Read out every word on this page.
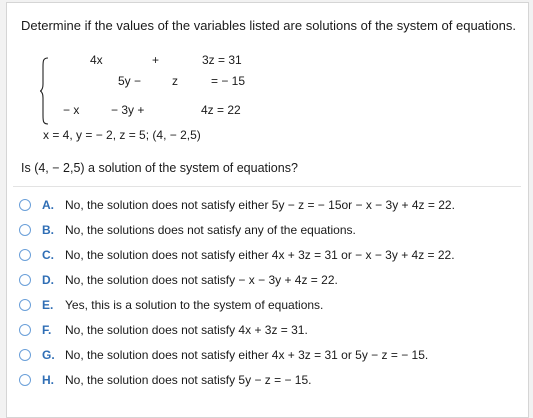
Determine if the values of the variables listed are solutions of the system of equations.
4x	+	3z = 31
5y −	z	= − 15
− x	− 3y +	4z = 22
x = 4, y = − 2, z = 5; (4, − 2,5)
Is (4, − 2,5) a solution of the system of equations?
A. No, the solution does not satisfy either 5y − z = − 15or − x − 3y + 4z = 22.
B. No, the solutions does not satisfy any of the equations.
C. No, the solution does not satisfy either 4x + 3z = 31 or − x − 3y + 4z = 22.
D. No, the solution does not satisfy − x − 3y + 4z = 22.
E. Yes, this is a solution to the system of equations.
F. No, the solution does not satisfy 4x + 3z = 31.
G. No, the solution does not satisfy either 4x + 3z = 31 or 5y − z = − 15.
H. No, the solution does not satisfy 5y − z = − 15.
